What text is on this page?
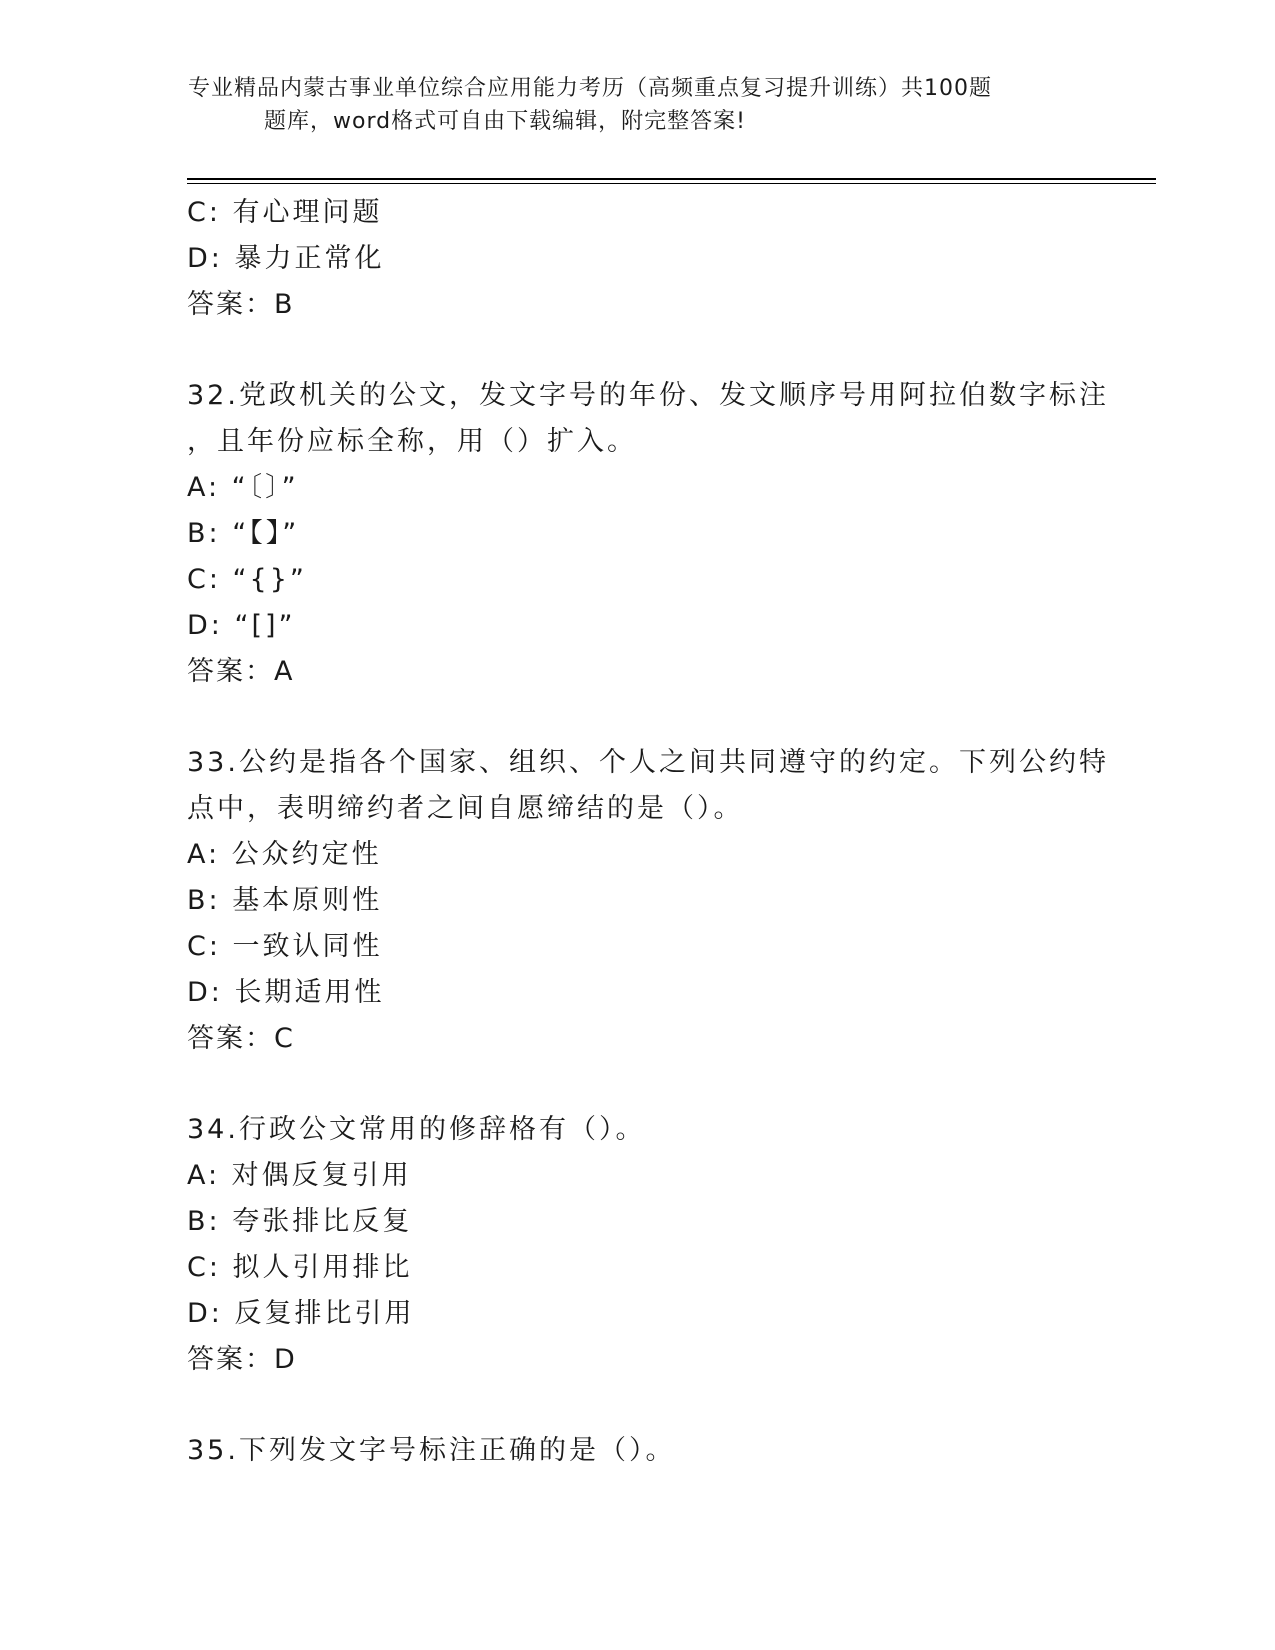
专业精品内蒙古事业单位综合应用能力考历（高频重点复习提升训练）共100题
题库，word格式可自由下载编辑，附完整答案!
C: 有心理问题
D: 暴力正常化
答案：B
32.党政机关的公文，发文字号的年份、发文顺序号用阿拉伯数字标注
，且年份应标全称，用（）扩入。
A: “〔〕”
B: “【】”
C: “{}”
D: “[]”
答案：A
33.公约是指各个国家、组织、个人之间共同遵守的约定。下列公约特
点中，表明缔约者之间自愿缔结的是（）。
A: 公众约定性
B: 基本原则性
C: 一致认同性
D: 长期适用性
答案：C
34.行政公文常用的修辞格有（）。
A: 对偶反复引用
B: 夸张排比反复
C: 拟人引用排比
D: 反复排比引用
答案：D
35.下列发文字号标注正确的是（）。
